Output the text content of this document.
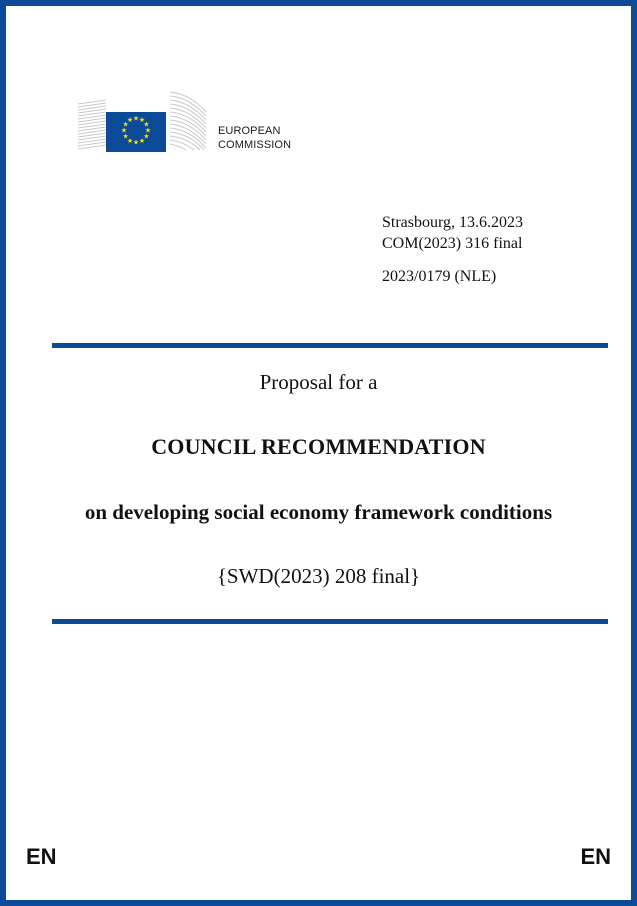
★ ★
★
★
★
★
★
★
★
★
★
★
EUROPEAN
COMMISSION
Strasbourg, 13.6.2023
COM(2023) 316 final
2023/0179 (NLE)
Proposal for a
COUNCIL RECOMMENDATION
on developing social economy framework conditions
{SWD(2023) 208 final}
EN	EN
